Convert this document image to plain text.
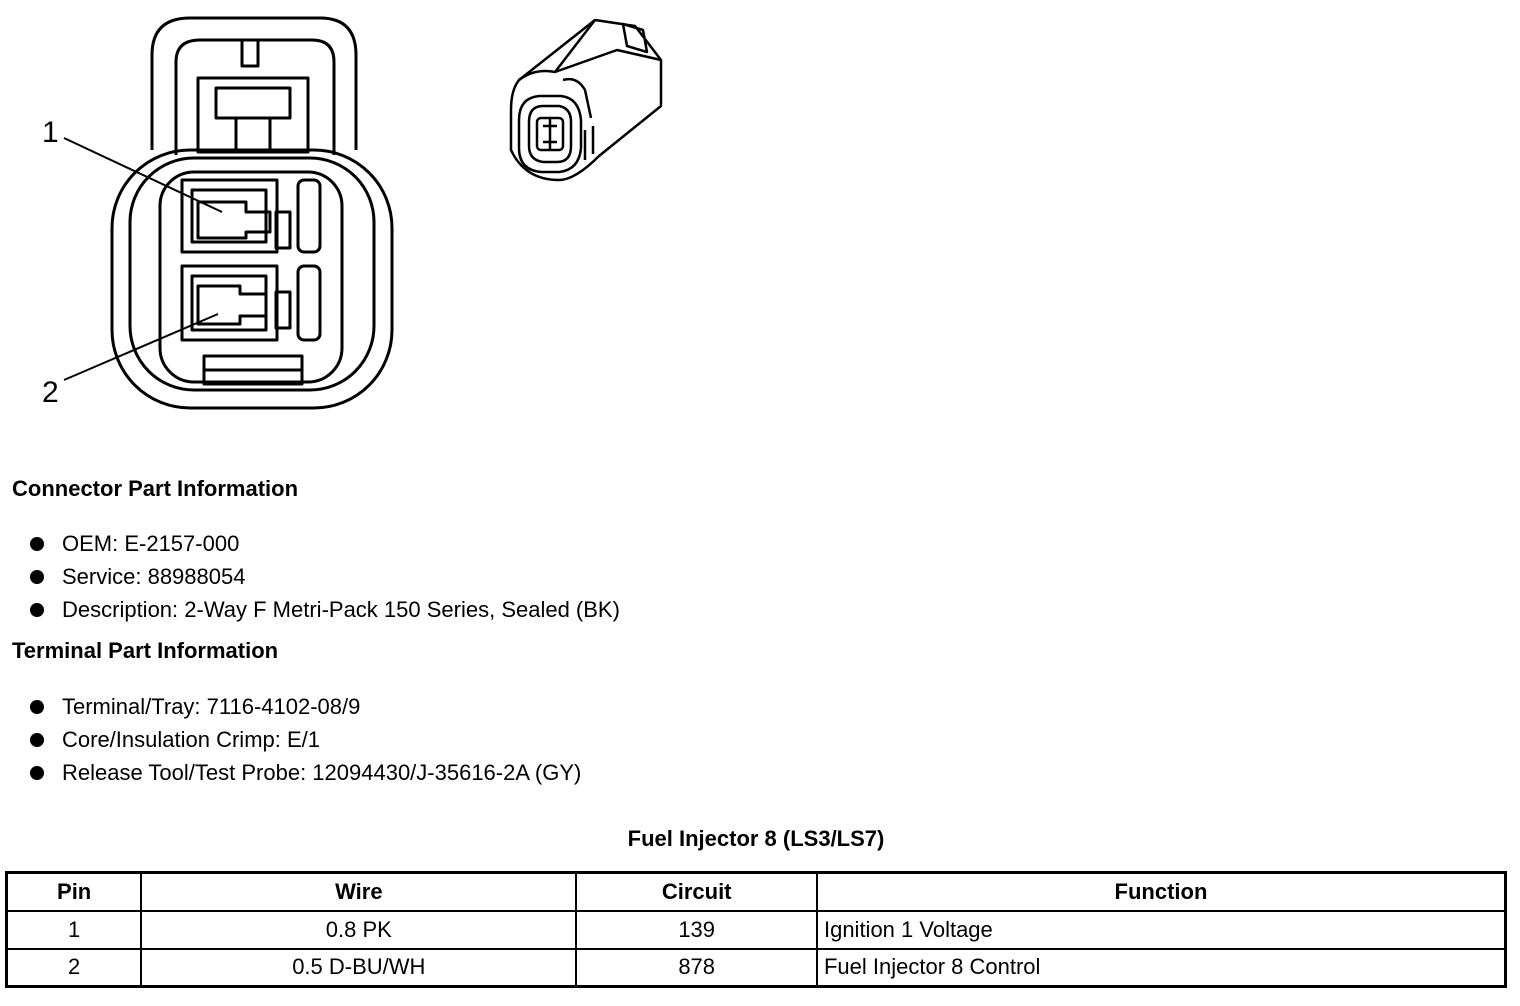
1
2
Connector Part Information
OEM: E-2157-000
Service: 88988054
Description: 2-Way F Metri-Pack 150 Series, Sealed (BK)
Terminal Part Information
Terminal/Tray: 7116-4102-08/9
Core/Insulation Crimp: E/1
Release Tool/Test Probe: 12094430/J-35616-2A (GY)
Fuel Injector 8 (LS3/LS7)
Pin	Wire	Circuit	Function
1	0.8 PK	139	Ignition 1 Voltage
2	0.5 D-BU/WH	878	Fuel Injector 8 Control
